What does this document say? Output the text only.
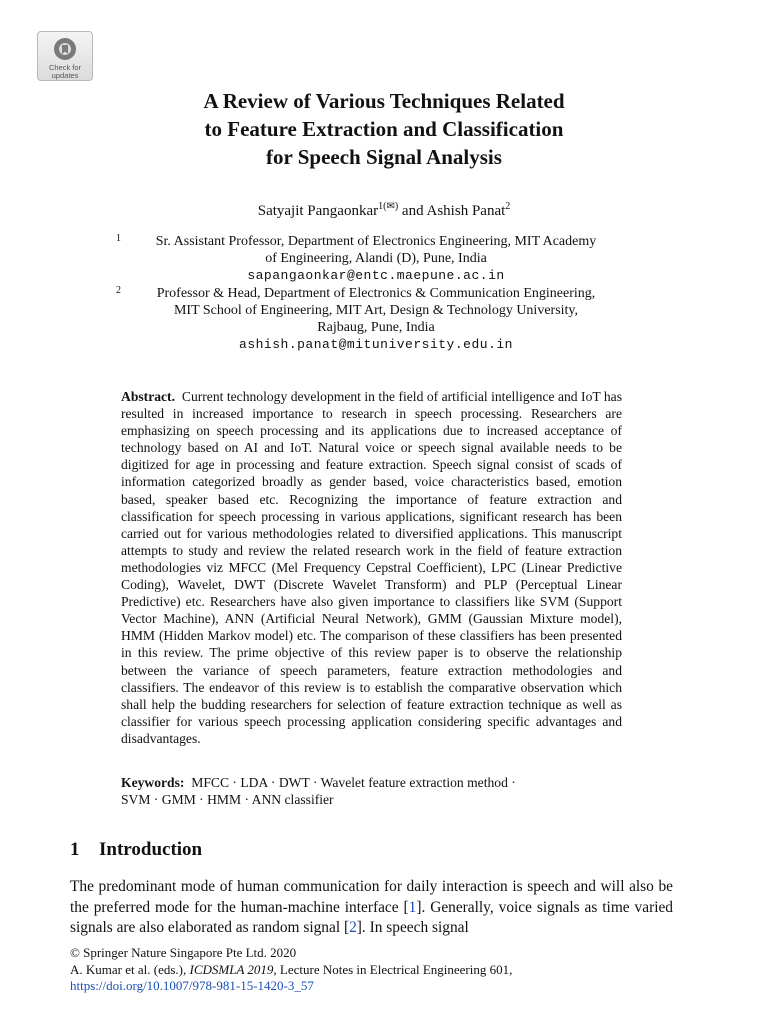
Check for
updates
A Review of Various Techniques Related
to Feature Extraction and Classification
for Speech Signal Analysis
Satyajit Pangaonkar$^{1(✉)}$ and Ashish Panat$^2$
1	Sr. Assistant Professor, Department of Electronics Engineering, MIT Academy
of Engineering, Alandi (D), Pune, India
sapangaonkar@entc.maepune.ac.in
2	Professor & Head, Department of Electronics & Communication Engineering,
MIT School of Engineering, MIT Art, Design & Technology University,
Rajbaug, Pune, India
ashish.panat@mituniversity.edu.in

Abstract. Current technology development in the field of artificial intelligence and IoT has resulted in increased importance to research in speech processing. Researchers are emphasizing on speech processing and its applications due to increased acceptance of technology based on AI and IoT. Natural voice or speech signal available needs to be digitized for age in processing and feature extraction. Speech signal consist of scads of information categorized broadly as gender based, voice characteristics based, emotion based, speaker based etc. Recognizing the importance of feature extraction and classification for speech processing in various applications, significant research has been carried out for various methodologies related to diversified applications. This manuscript attempts to study and review the related research work in the field of feature extraction methodologies viz MFCC (Mel Frequency Cepstral Coefficient), LPC (Linear Predictive Coding), Wavelet, DWT (Discrete Wavelet Transform) and PLP (Perceptual Linear Predictive) etc. Researchers have also given importance to classifiers like SVM (Support Vector Machine), ANN (Artificial Neural Network), GMM (Gaussian Mixture model), HMM (Hidden Markov model) etc. The comparison of these classifiers has been presented in this review. The prime objective of this review paper is to observe the relationship between the variance of speech parameters, feature extraction methodologies and classifiers. The endeavor of this review is to establish the comparative observation which shall help the budding researchers for selection of feature extraction technique as well as classifier for various speech processing application considering specific advantages and disadvantages.

Keywords: MFCC · LDA · DWT · Wavelet feature extraction method ·
SVM · GMM · HMM · ANN classifier

1 Introduction

The predominant mode of human communication for daily interaction is speech and will also be the preferred mode for the human-machine interface [1]. Generally, voice signals as time varied signals are also elaborated as random signal [2]. In speech signal

© Springer Nature Singapore Pte Ltd. 2020
A. Kumar et al. (eds.), ICDSMLA 2019, Lecture Notes in Electrical Engineering 601,
https://doi.org/10.1007/978-981-15-1420-3_57
